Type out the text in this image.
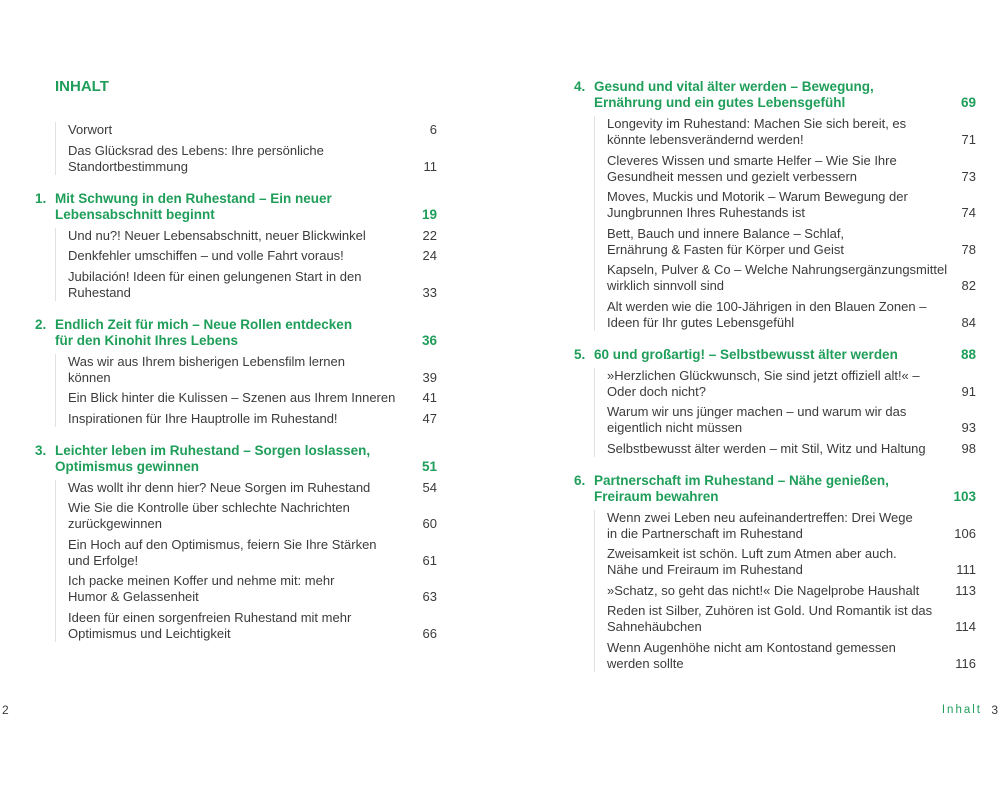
INHALT
Vorwort	6
Das Glücksrad des Lebens: Ihre persönliche
Standortbestimmung	11
1. Mit Schwung in den Ruhestand – Ein neuer
Lebensabschnitt beginnt	19
Und nu?! Neuer Lebensabschnitt, neuer Blickwinkel	22
Denkfehler umschiffen – und volle Fahrt voraus!	24
Jubilación! Ideen für einen gelungenen Start in den
Ruhestand	33
2. Endlich Zeit für mich – Neue Rollen entdecken
für den Kinohit Ihres Lebens	36
Was wir aus Ihrem bisherigen Lebensfilm lernen
können	39
Ein Blick hinter die Kulissen – Szenen aus Ihrem Inneren	41
Inspirationen für Ihre Hauptrolle im Ruhestand!	47
3. Leichter leben im Ruhestand – Sorgen loslassen,
Optimismus gewinnen	51
Was wollt ihr denn hier? Neue Sorgen im Ruhestand	54
Wie Sie die Kontrolle über schlechte Nachrichten
zurückgewinnen	60
Ein Hoch auf den Optimismus, feiern Sie Ihre Stärken
und Erfolge!	61
Ich packe meinen Koffer und nehme mit: mehr
Humor & Gelassenheit	63
Ideen für einen sorgenfreien Ruhestand mit mehr
Optimismus und Leichtigkeit	66
4. Gesund und vital älter werden – Bewegung,
Ernährung und ein gutes Lebensgefühl	69
Longevity im Ruhestand: Machen Sie sich bereit, es
könnte lebensverändernd werden!	71
Cleveres Wissen und smarte Helfer – Wie Sie Ihre
Gesundheit messen und gezielt verbessern	73
Moves, Muckis und Motorik – Warum Bewegung der
Jungbrunnen Ihres Ruhestands ist	74
Bett, Bauch und innere Balance – Schlaf,
Ernährung & Fasten für Körper und Geist	78
Kapseln, Pulver & Co – Welche Nahrungsergänzungsmittel
wirklich sinnvoll sind	82
Alt werden wie die 100-Jährigen in den Blauen Zonen –
Ideen für Ihr gutes Lebensgefühl	84
5. 60 und großartig! – Selbstbewusst älter werden	88
»Herzlichen Glückwunsch, Sie sind jetzt offiziell alt!« –
Oder doch nicht?	91
Warum wir uns jünger machen – und warum wir das
eigentlich nicht müssen	93
Selbstbewusst älter werden – mit Stil, Witz und Haltung	98
6. Partnerschaft im Ruhestand – Nähe genießen,
Freiraum bewahren	103
Wenn zwei Leben neu aufeinandertreffen: Drei Wege
in die Partnerschaft im Ruhestand	106
Zweisamkeit ist schön. Luft zum Atmen aber auch.
Nähe und Freiraum im Ruhestand	111
»Schatz, so geht das nicht!« Die Nagelprobe Haushalt	113
Reden ist Silber, Zuhören ist Gold. Und Romantik ist das
Sahnehäubchen	114
Wenn Augenhöhe nicht am Kontostand gemessen
werden sollte	116
2	Inhalt 3
